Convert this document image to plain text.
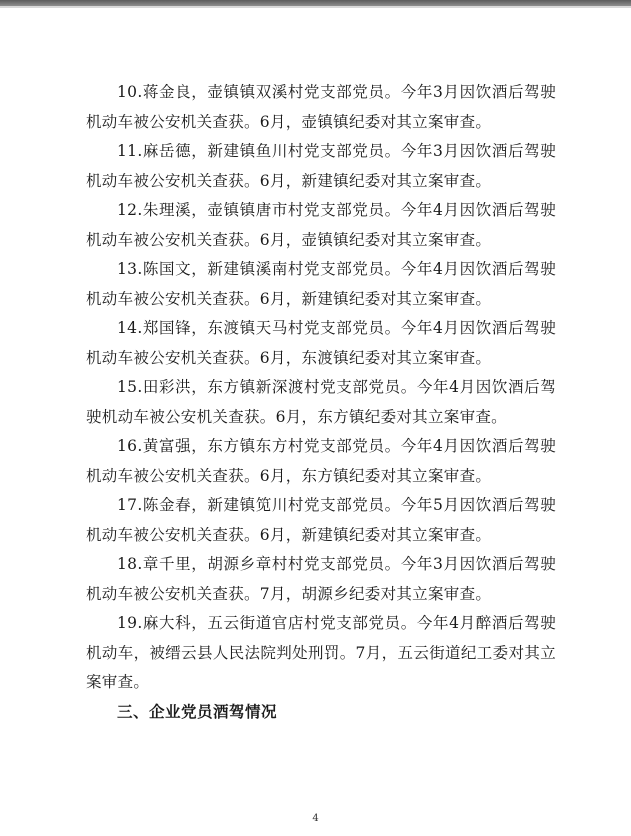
10.蒋金良，壶镇镇双溪村党支部党员。今年3月因饮酒后驾驶机动车被公安机关查获。6月，壶镇镇纪委对其立案审查。

11.麻岳德，新建镇鱼川村党支部党员。今年3月因饮酒后驾驶机动车被公安机关查获。6月，新建镇纪委对其立案审查。

12.朱理溪，壶镇镇唐市村党支部党员。今年4月因饮酒后驾驶机动车被公安机关查获。6月，壶镇镇纪委对其立案审查。

13.陈国文，新建镇溪南村党支部党员。今年4月因饮酒后驾驶机动车被公安机关查获。6月，新建镇纪委对其立案审查。

14.郑国锋，东渡镇天马村党支部党员。今年4月因饮酒后驾驶机动车被公安机关查获。6月，东渡镇纪委对其立案审查。

15.田彩洪，东方镇新深渡村党支部党员。今年4月因饮酒后驾驶机动车被公安机关查获。6月，东方镇纪委对其立案审查。

16.黄富强，东方镇东方村党支部党员。今年4月因饮酒后驾驶机动车被公安机关查获。6月，东方镇纪委对其立案审查。

17.陈金春，新建镇笕川村党支部党员。今年5月因饮酒后驾驶机动车被公安机关查获。6月，新建镇纪委对其立案审查。

18.章千里，胡源乡章村村党支部党员。今年3月因饮酒后驾驶机动车被公安机关查获。7月，胡源乡纪委对其立案审查。

19.麻大科，五云街道官店村党支部党员。今年4月醉酒后驾驶机动车，被缙云县人民法院判处刑罚。7月，五云街道纪工委对其立案审查。

三、企业党员酒驾情况

4
